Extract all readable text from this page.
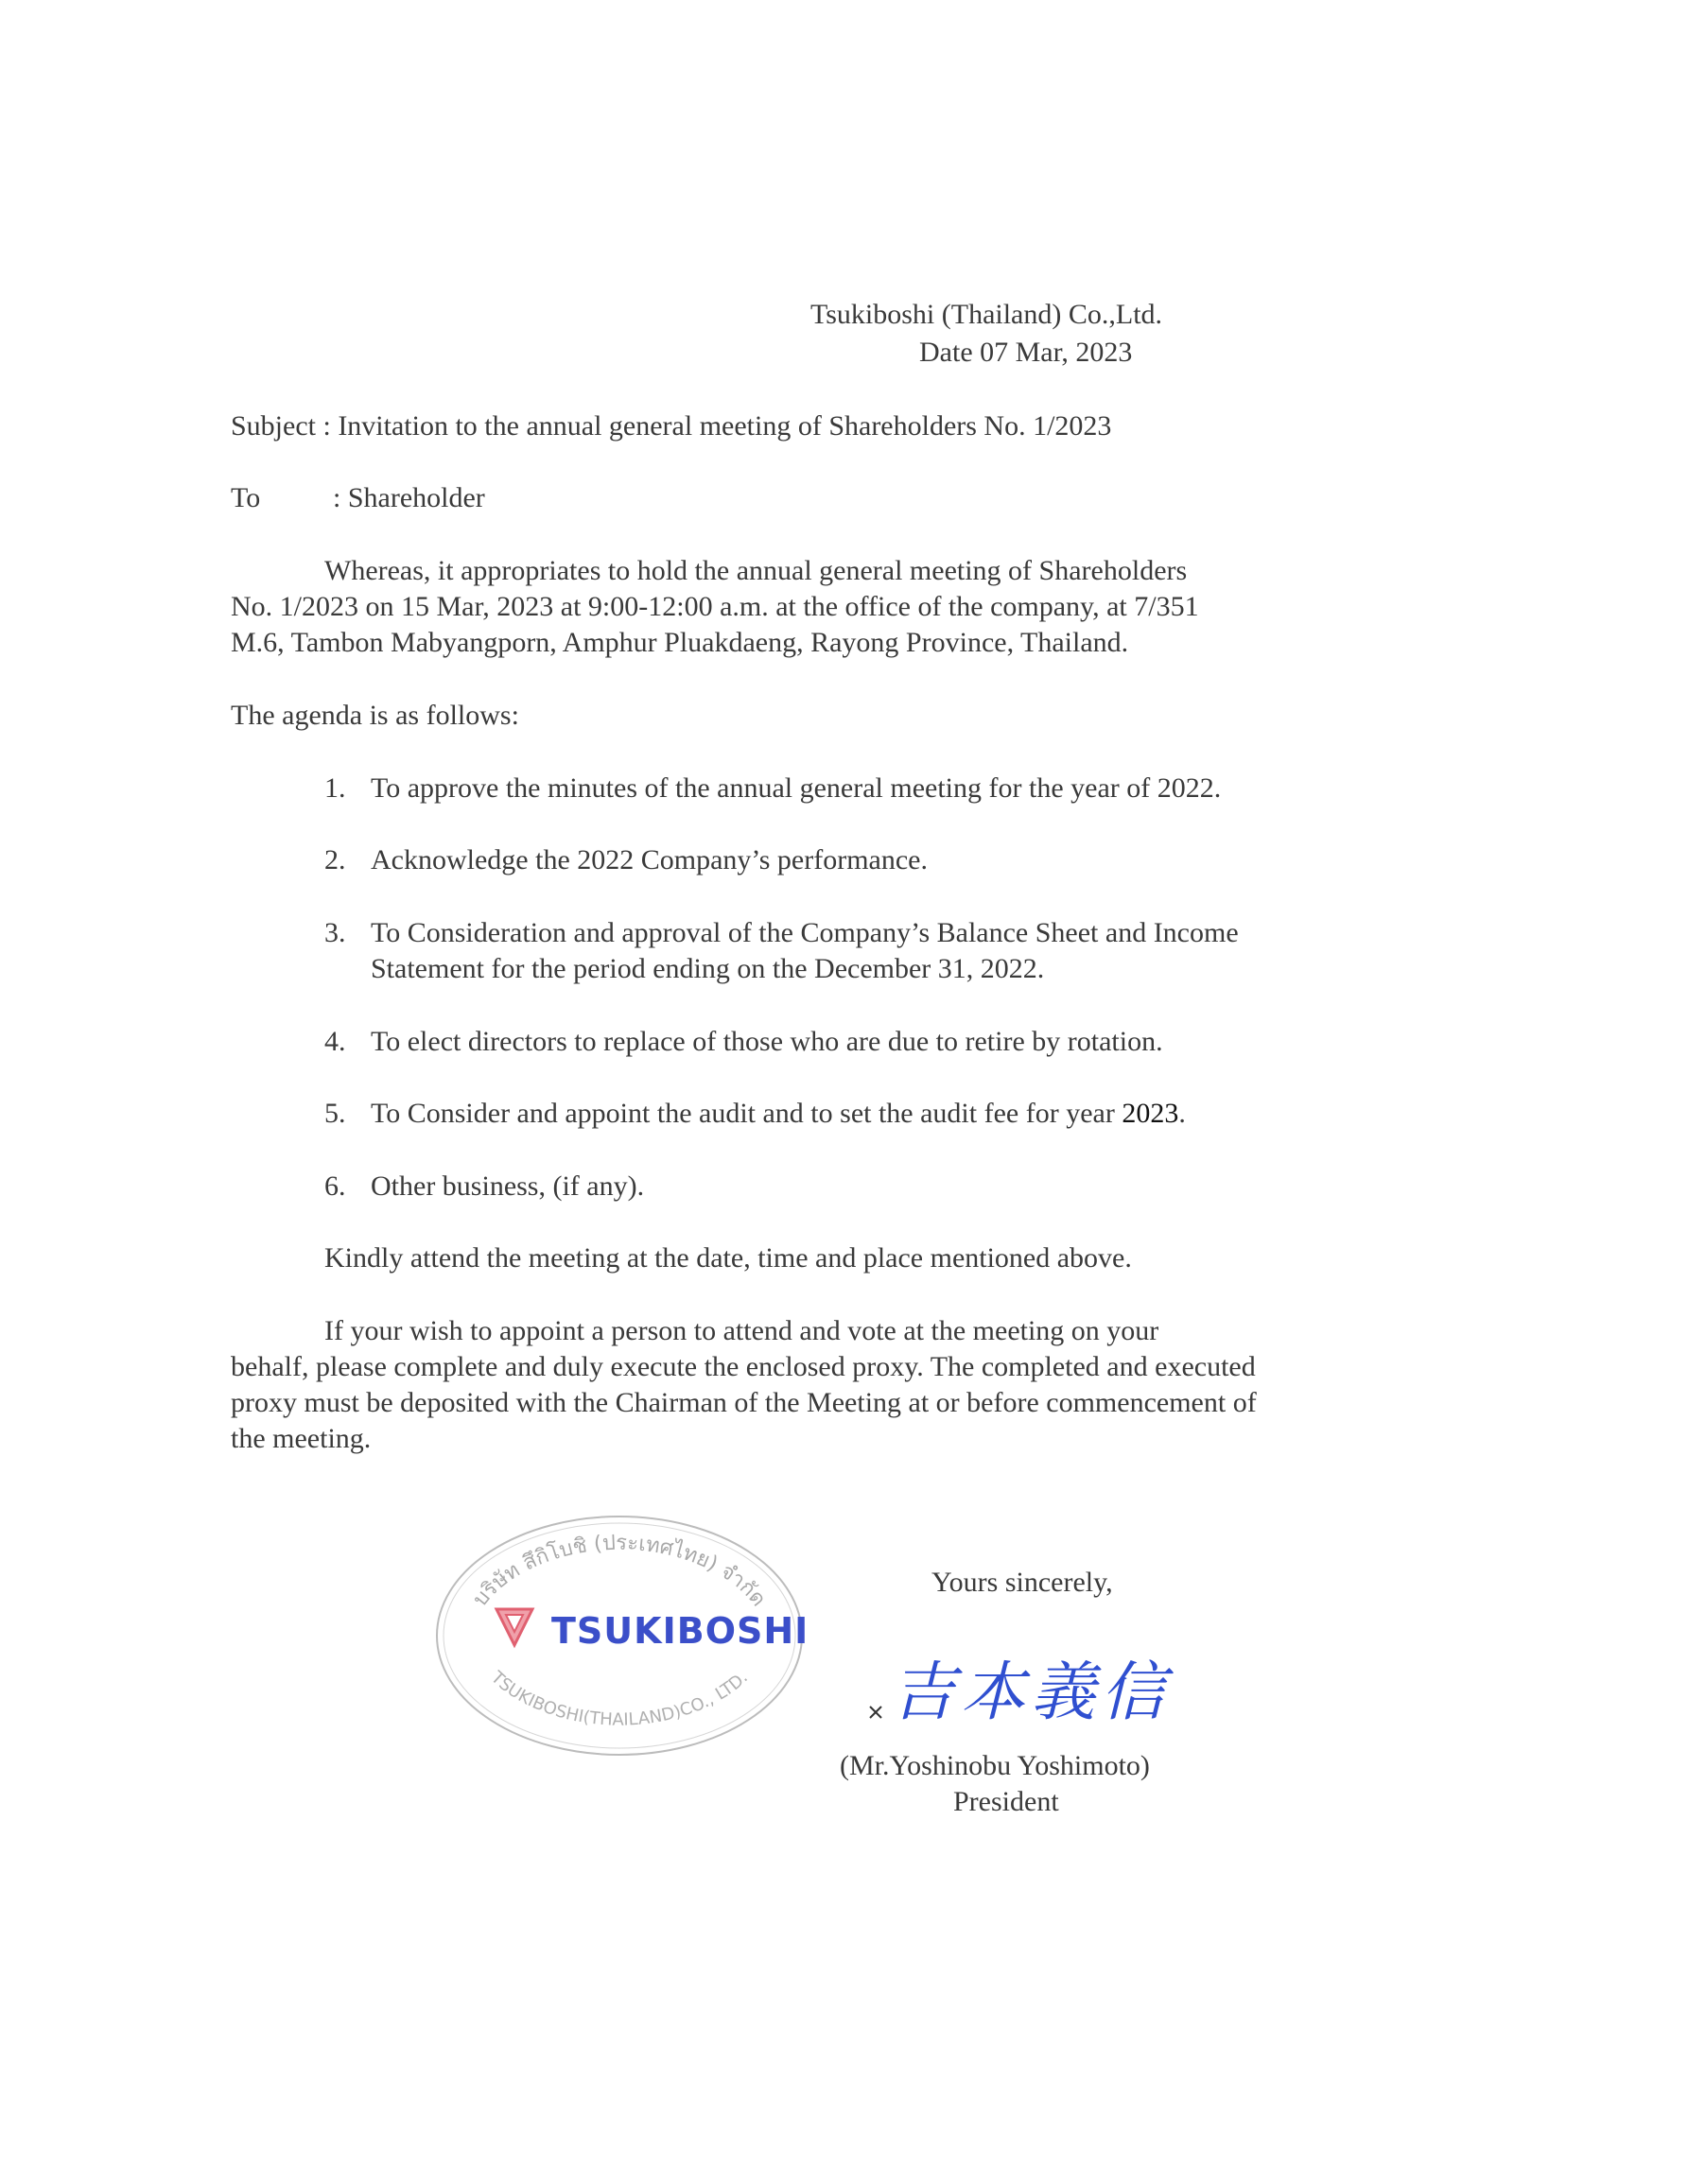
Tsukiboshi (Thailand) Co.,Ltd.
Date 07 Mar, 2023
Subject : Invitation to the annual general meeting of Shareholders No. 1/2023
To	: Shareholder
Whereas, it appropriates to hold the annual general meeting of Shareholders
No. 1/2023 on 15 Mar, 2023 at 9:00-12:00 a.m. at the office of the company, at 7/351
M.6, Tambon Mabyangporn, Amphur Pluakdaeng, Rayong Province, Thailand.
The agenda is as follows:
1. To approve the minutes of the annual general meeting for the year of 2022.
2. Acknowledge the 2022 Company’s performance.
3. To Consideration and approval of the Company’s Balance Sheet and Income
Statement for the period ending on the December 31, 2022.
4. To elect directors to replace of those who are due to retire by rotation.
5. To Consider and appoint the audit and to set the audit fee for year 2023.
6. Other business, (if any).
Kindly attend the meeting at the date, time and place mentioned above.
If your wish to appoint a person to attend and vote at the meeting on your
behalf, please complete and duly execute the enclosed proxy. The completed and executed
proxy must be deposited with the Chairman of the Meeting at or before commencement of
the meeting.
บริษัท สึกิโบชิ (ประเทศไทย) จำกัด
TSUKIBOSHI(THAILAND)CO., LTD.
TSUKIBOSHI
Yours sincerely,
吉本義信
(Mr.Yoshinobu Yoshimoto)
President
